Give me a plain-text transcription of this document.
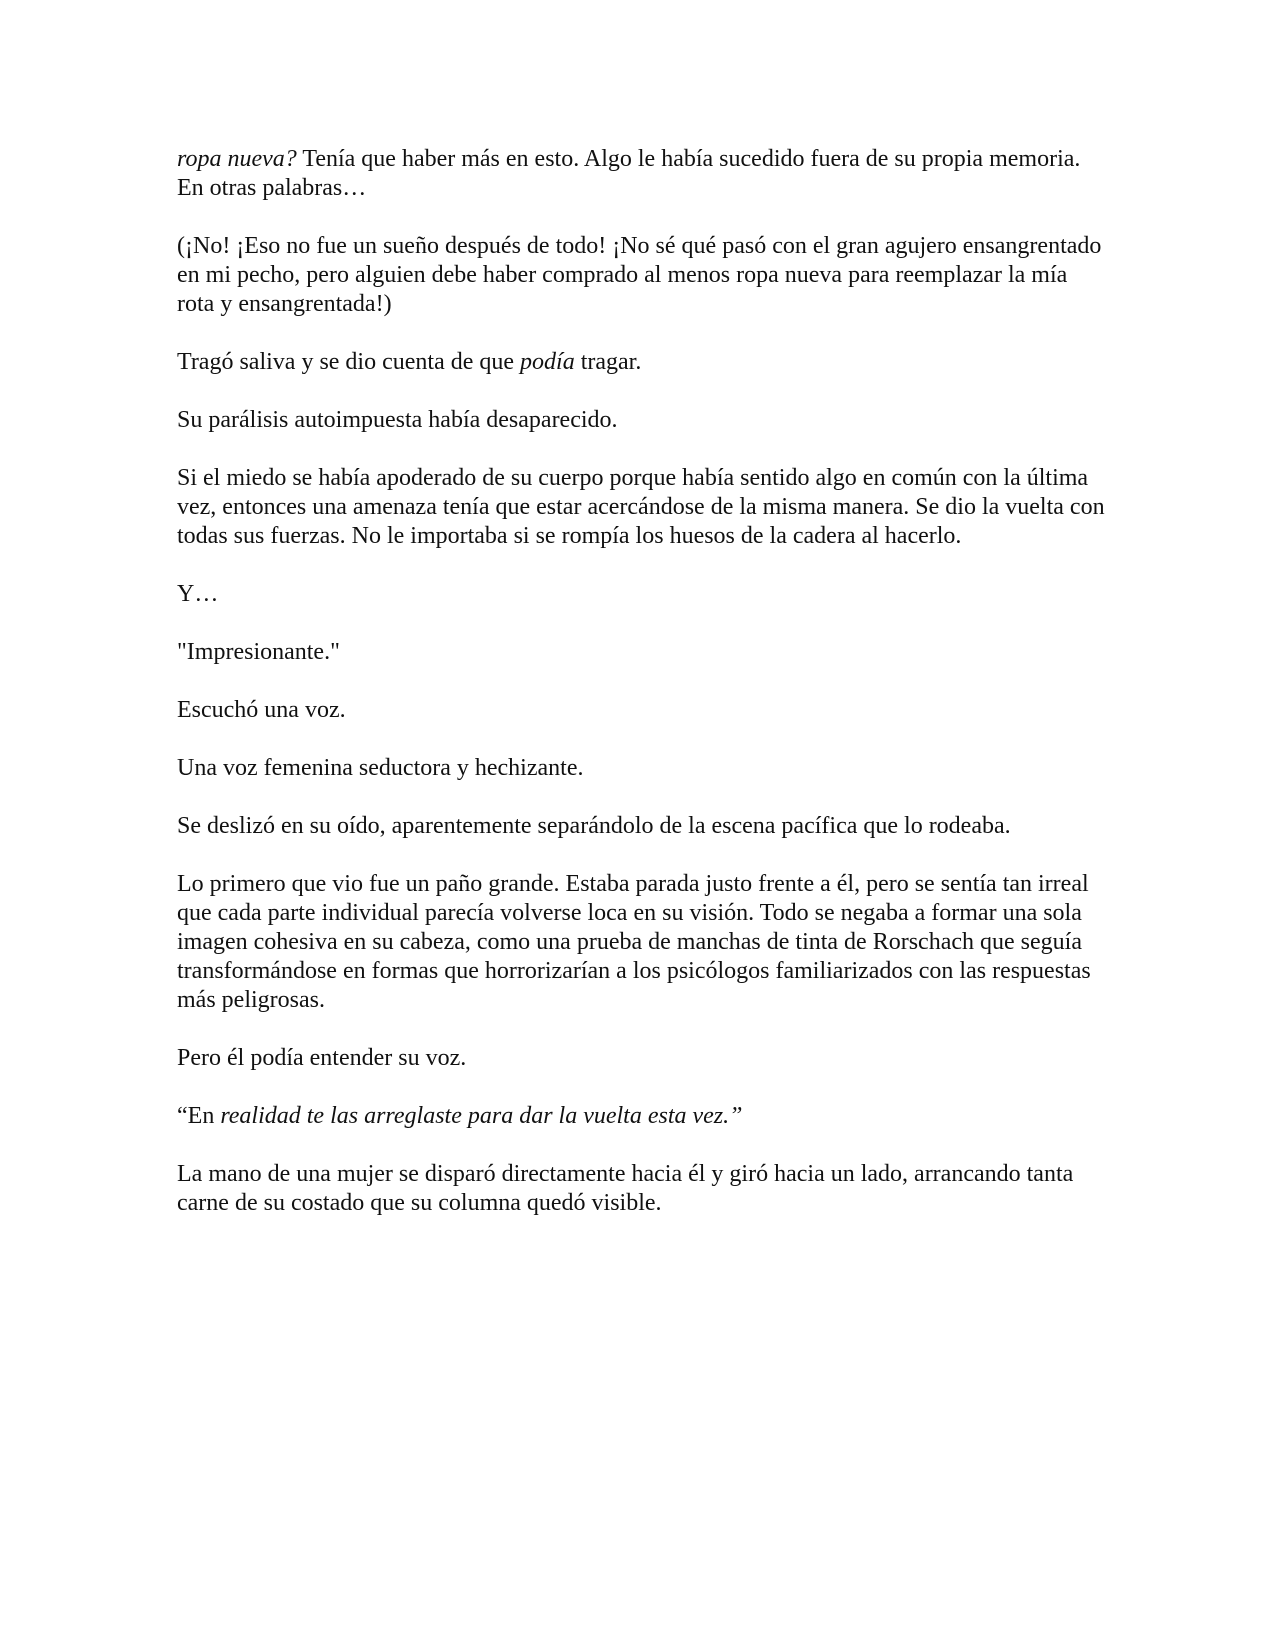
ropa nueva? Tenía que haber más en esto. Algo le había sucedido fuera de su propia memoria. En otras palabras…

(¡No! ¡Eso no fue un sueño después de todo! ¡No sé qué pasó con el gran agujero ensangrentado en mi pecho, pero alguien debe haber comprado al menos ropa nueva para reemplazar la mía rota y ensangrentada!)

Tragó saliva y se dio cuenta de que podía tragar.

Su parálisis autoimpuesta había desaparecido.

Si el miedo se había apoderado de su cuerpo porque había sentido algo en común con la última vez, entonces una amenaza tenía que estar acercándose de la misma manera. Se dio la vuelta con todas sus fuerzas. No le importaba si se rompía los huesos de la cadera al hacerlo.

Y…

"Impresionante."

Escuchó una voz.

Una voz femenina seductora y hechizante.

Se deslizó en su oído, aparentemente separándolo de la escena pacífica que lo rodeaba.

Lo primero que vio fue un paño grande. Estaba parada justo frente a él, pero se sentía tan irreal que cada parte individual parecía volverse loca en su visión. Todo se negaba a formar una sola imagen cohesiva en su cabeza, como una prueba de manchas de tinta de Rorschach que seguía transformándose en formas que horrorizarían a los psicólogos familiarizados con las respuestas más peligrosas.

Pero él podía entender su voz.

“En realidad te las arreglaste para dar la vuelta esta vez.”

La mano de una mujer se disparó directamente hacia él y giró hacia un lado, arrancando tanta carne de su costado que su columna quedó visible.
